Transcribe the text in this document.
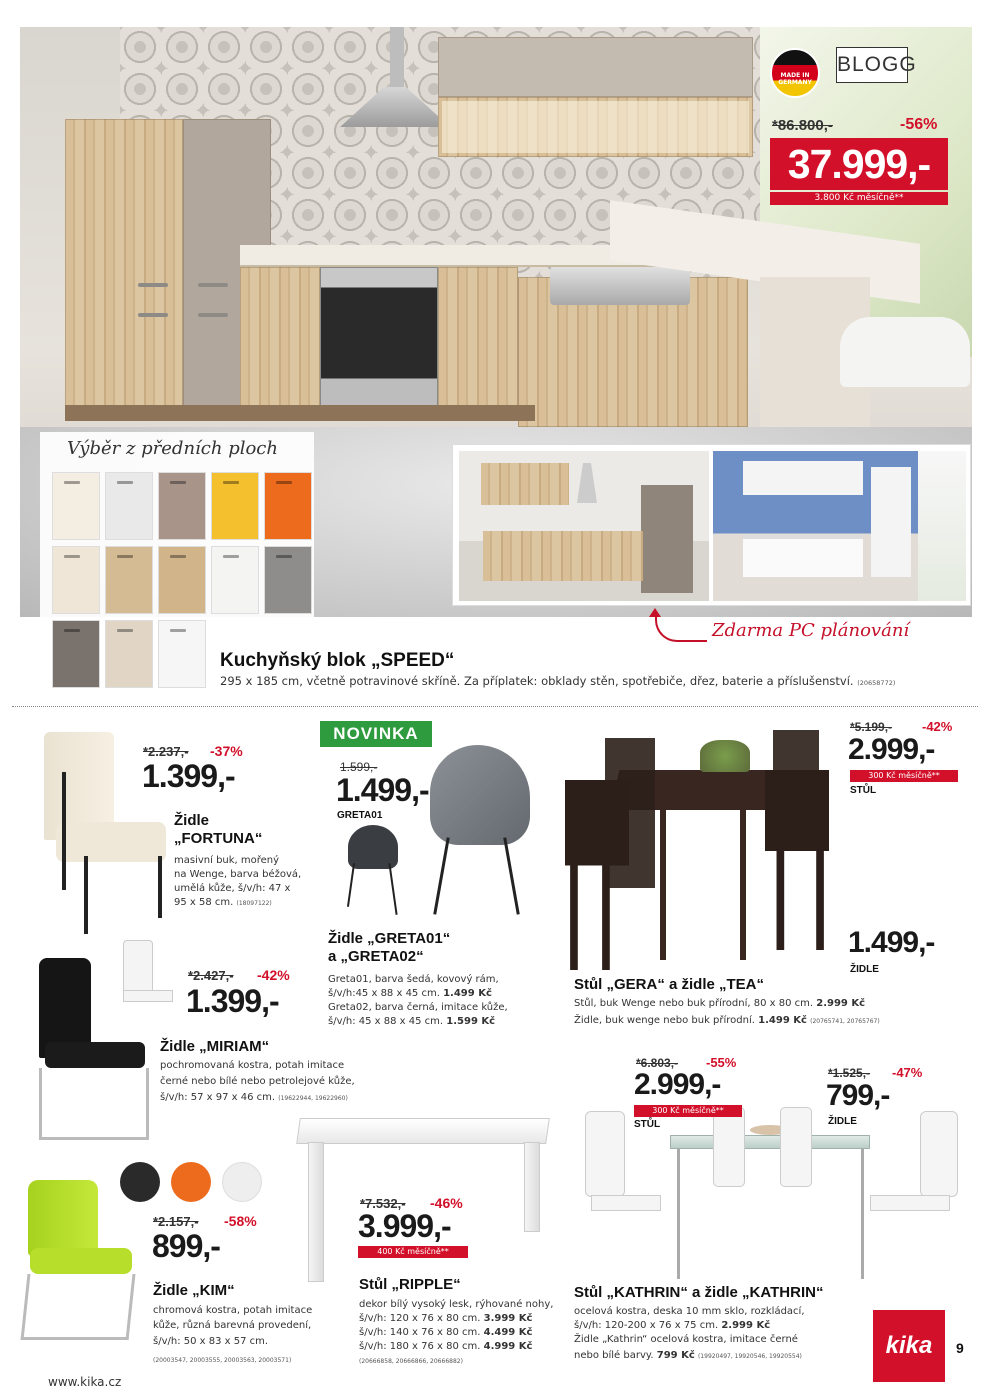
MADE IN GERMANY
BLOGG
*86.800,-	-56%
37.999,-
3.800 Kč měsíčně**
Výběr z předních ploch
Zdarma PC plánování
Kuchyňský blok „SPEED“
295 x 185 cm, včetně potravinové skříně. Za příplatek: obklady stěn, spotřebiče, dřez, baterie a příslušenství. (20658772)
*2.237,- -37%
1.399,-
Židle
„FORTUNA“
masivní buk, mořený
na Wenge, barva béžová,
umělá kůže, š/v/h: 47 x
95 x 58 cm. (18097122)
NOVINKA
1.599,-
1.499,-
GRETA01
Židle „GRETA01“
a „GRETA02“
Greta01, barva šedá, kovový rám,
š/v/h:45 x 88 x 45 cm. 1.499 Kč
Greta02, barva černá, imitace kůže,
š/v/h: 45 x 88 x 45 cm. 1.599 Kč
*5.199,- -42%
2.999,-
300 Kč měsíčně**
STŮL
1.499,-
ŽIDLE
Stůl „GERA“ a židle „TEA“
Stůl, buk Wenge nebo buk přírodní, 80 x 80 cm. 2.999 Kč
Židle, buk wenge nebo buk přírodní. 1.499 Kč (20765741, 20765767)
*2.427,- -42%
1.399,-
Židle „MIRIAM“
pochromovaná kostra, potah imitace
černé nebo bílé nebo petrolejové kůže,
š/v/h: 57 x 97 x 46 cm. (19622944, 19622960)
*6.803,- -55%
2.999,-
300 Kč měsíčně**
STŮL
*1.525,- -47%
799,-
ŽIDLE
Stůl „KATHRIN“ a židle „KATHRIN“
ocelová kostra, deska 10 mm sklo, rozkládací,
š/v/h: 120-200 x 76 x 75 cm. 2.999 Kč
Židle „Kathrin“ ocelová kostra, imitace černé
nebo bílé barvy. 799 Kč (19920497, 19920546, 19920554)
*2.157,- -58%
899,-
Židle „KIM“
chromová kostra, potah imitace
kůže, různá barevná provedení,
š/v/h: 50 x 83 x 57 cm.
(20003547, 20003555, 20003563, 20003571)
*7.532,- -46%
3.999,-
400 Kč měsíčně**
Stůl „RIPPLE“
dekor bílý vysoký lesk, rýhované nohy,
š/v/h: 120 x 76 x 80 cm. 3.999 Kč
š/v/h: 140 x 76 x 80 cm. 4.499 Kč
š/v/h: 180 x 76 x 80 cm. 4.999 Kč
(20666858, 20666866, 20666882)
kika	9
www.kika.cz
